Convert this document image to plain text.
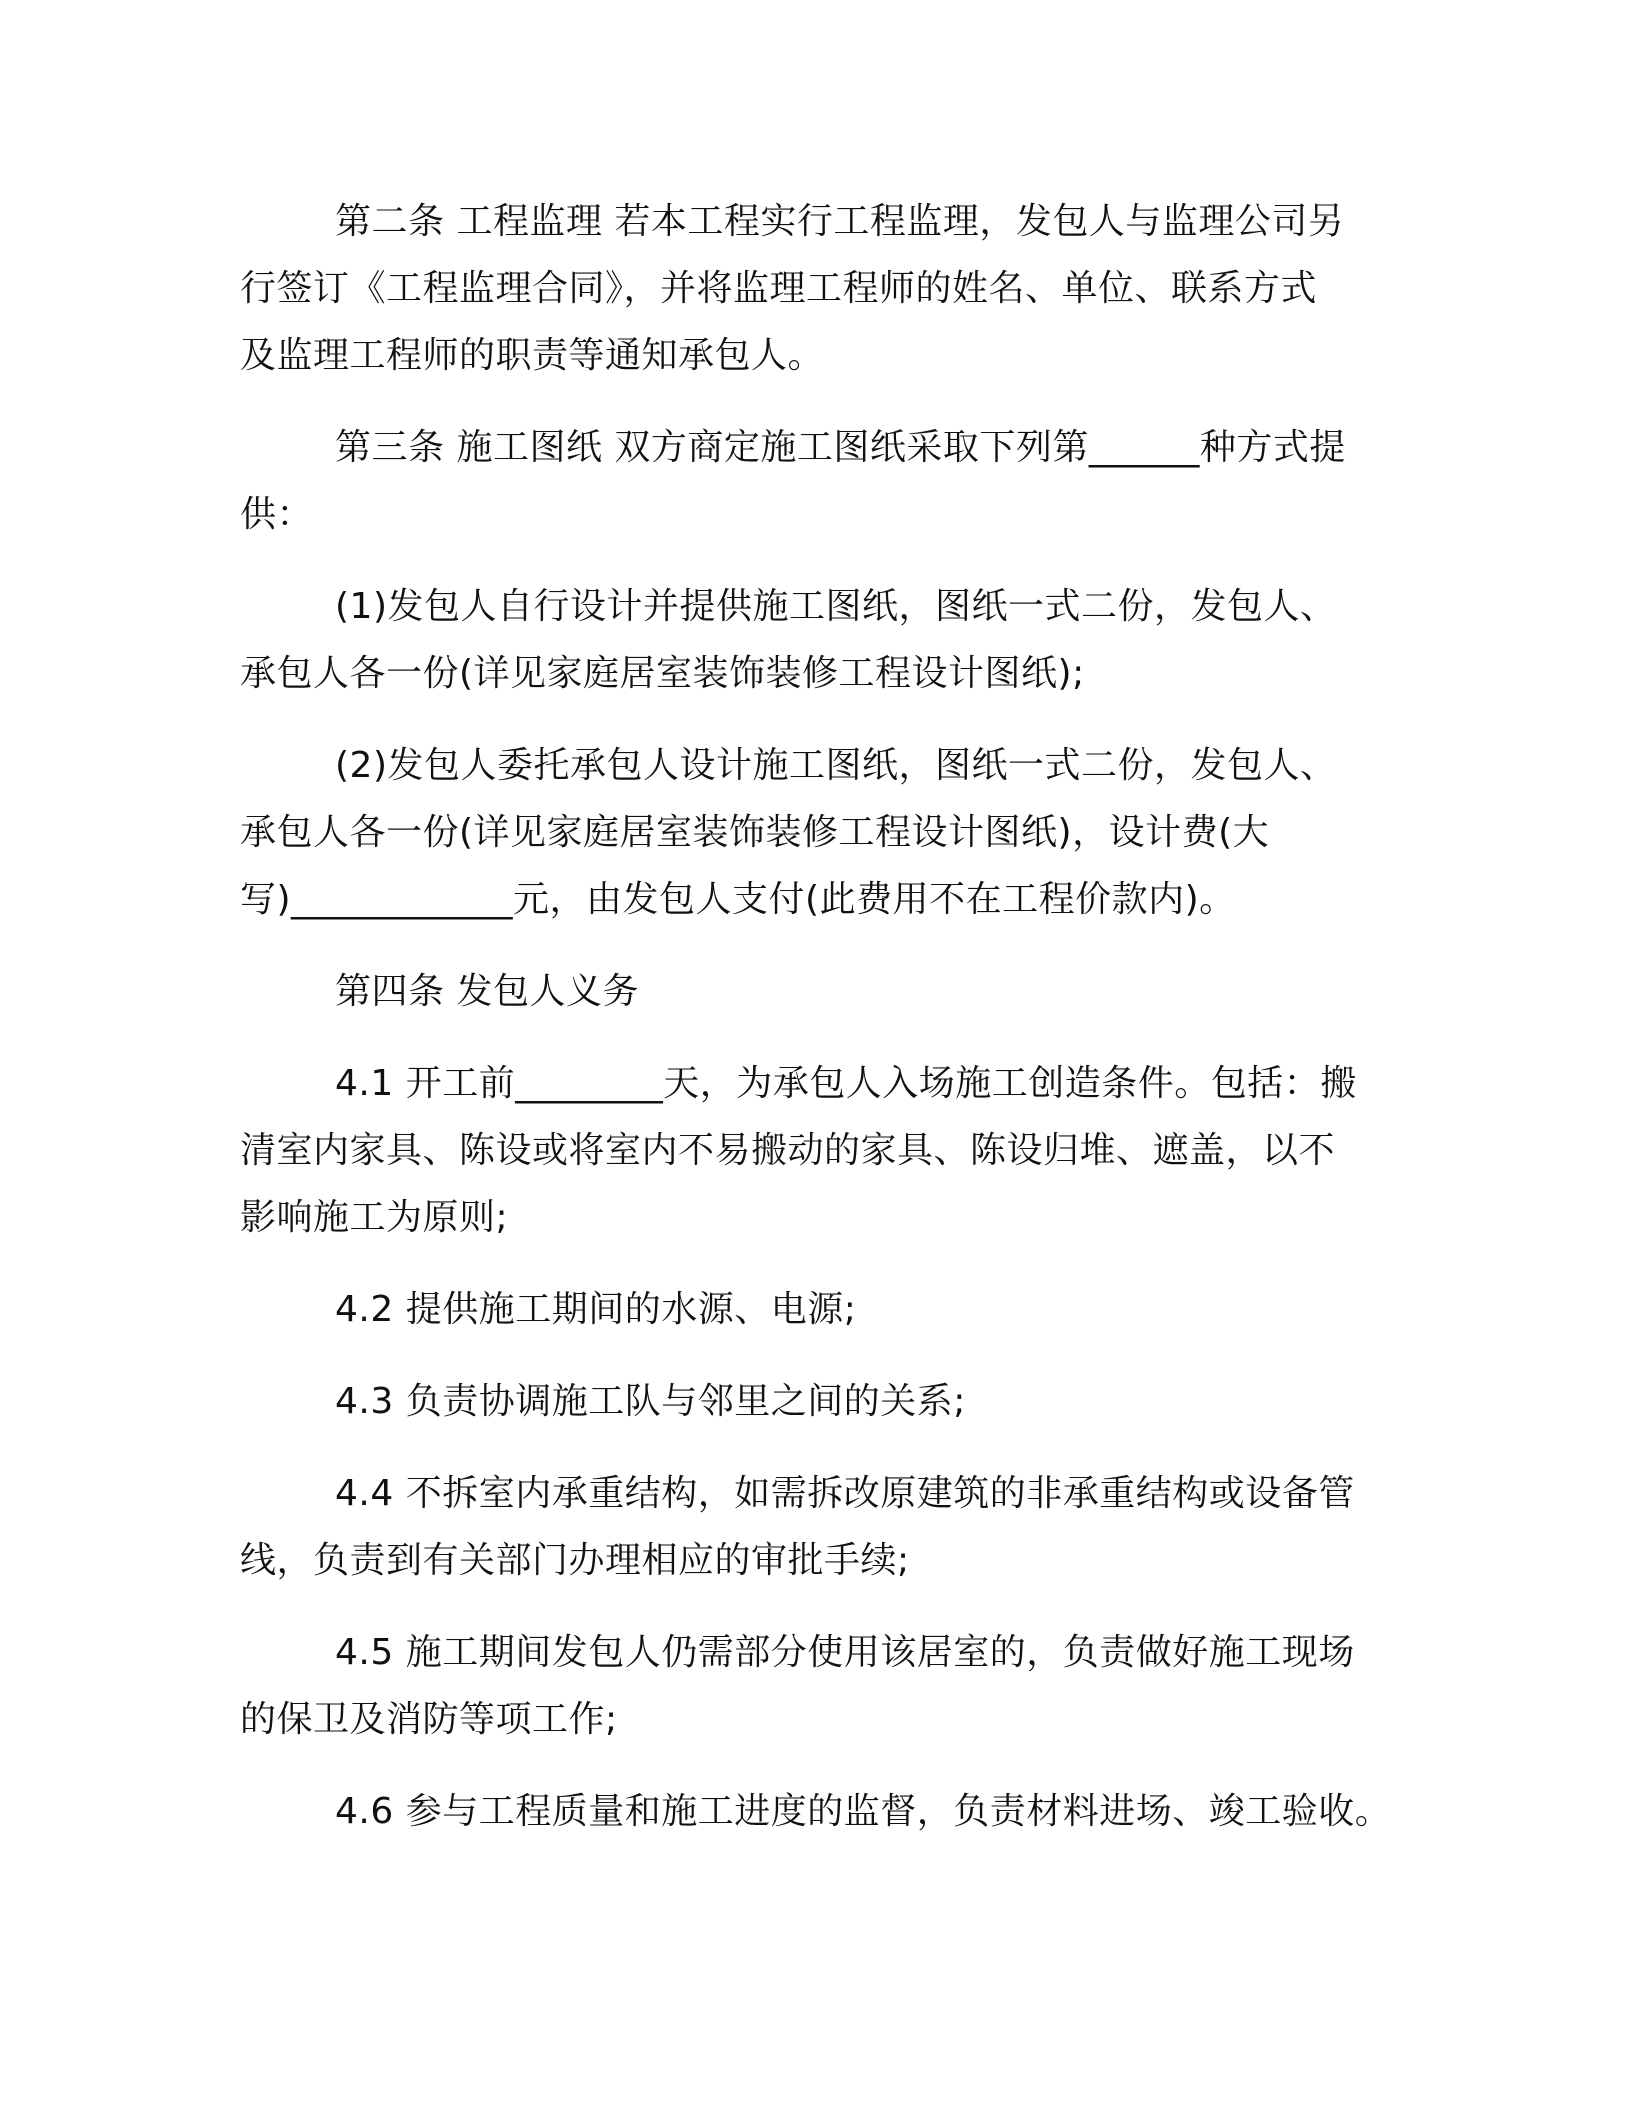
第二条 工程监理 若本工程实行工程监理，发包人与监理公司另
行签订《工程监理合同》，并将监理工程师的姓名、单位、联系方式
及监理工程师的职责等通知承包人。
第三条 施工图纸 双方商定施工图纸采取下列第______种方式提
供：
(1)发包人自行设计并提供施工图纸，图纸一式二份，发包人、
承包人各一份(详见家庭居室装饰装修工程设计图纸);
(2)发包人委托承包人设计施工图纸，图纸一式二份，发包人、
承包人各一份(详见家庭居室装饰装修工程设计图纸)，设计费(大
写)____________元，由发包人支付(此费用不在工程价款内)。
第四条 发包人义务
4.1 开工前________天，为承包人入场施工创造条件。包括：搬
清室内家具、陈设或将室内不易搬动的家具、陈设归堆、遮盖，以不
影响施工为原则;
4.2 提供施工期间的水源、电源;
4.3 负责协调施工队与邻里之间的关系;
4.4 不拆室内承重结构，如需拆改原建筑的非承重结构或设备管
线，负责到有关部门办理相应的审批手续;
4.5 施工期间发包人仍需部分使用该居室的，负责做好施工现场
的保卫及消防等项工作;
4.6 参与工程质量和施工进度的监督，负责材料进场、竣工验收。
